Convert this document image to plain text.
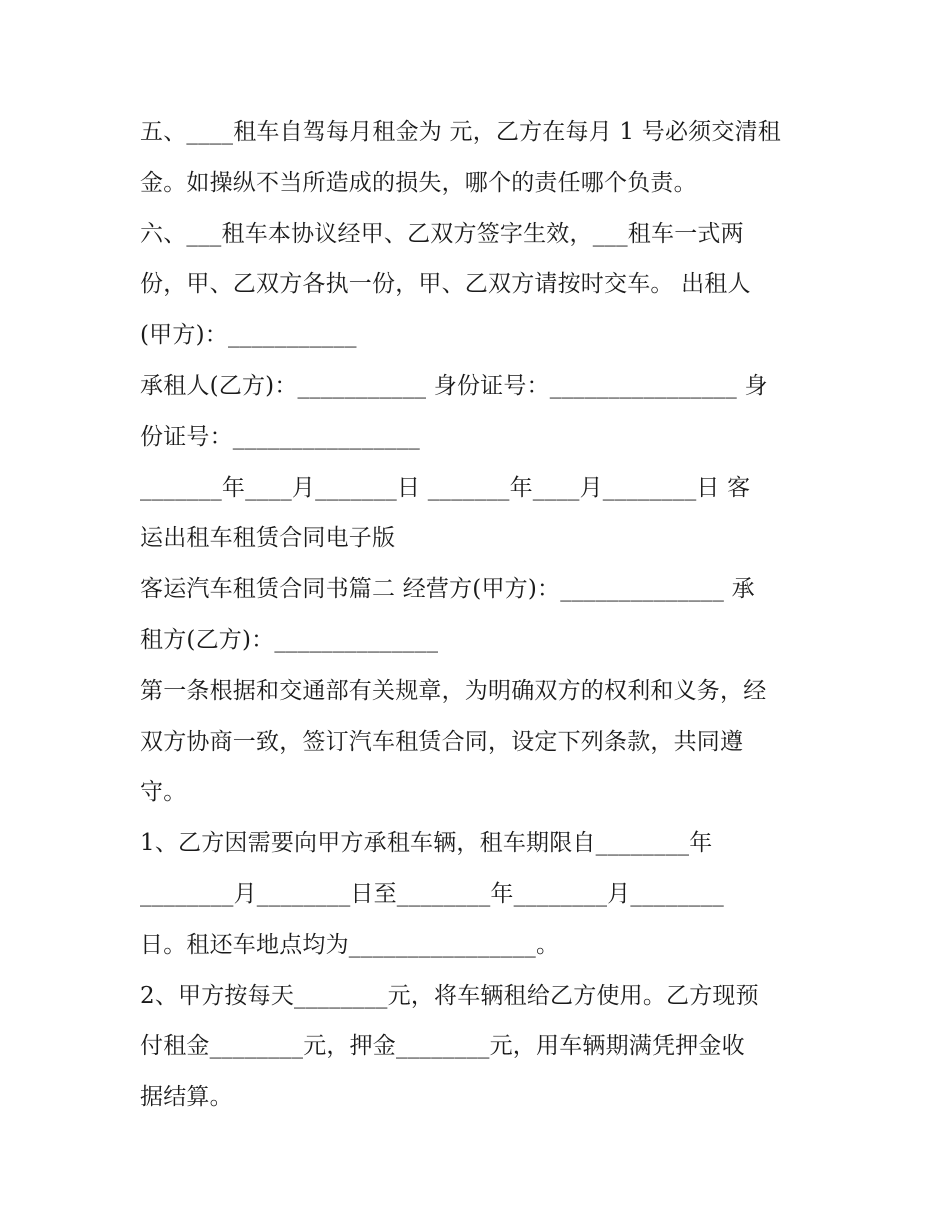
五、____租车自驾每月租金为 元，乙方在每月 1 号必须交清租
金。如操纵不当所造成的损失，哪个的责任哪个负责。
六、___租车本协议经甲、乙双方签字生效，___租车一式两
份，甲、乙双方各执一份，甲、乙双方请按时交车。 出租人
(甲方)：___________
承租人(乙方)：___________ 身份证号：________________ 身
份证号：________________
_______年____月_______日 _______年____月________日 客
运出租车租赁合同电子版
客运汽车租赁合同书篇二 经营方(甲方)：______________ 承
租方(乙方)：______________
第一条根据和交通部有关规章，为明确双方的权利和义务，经
双方协商一致，签订汽车租赁合同，设定下列条款，共同遵
守。
1、乙方因需要向甲方承租车辆，租车期限自________年
________月________日至________年________月________
日。租还车地点均为________________。
2、甲方按每天________元，将车辆租给乙方使用。乙方现预
付租金________元，押金________元，用车辆期满凭押金收
据结算。
